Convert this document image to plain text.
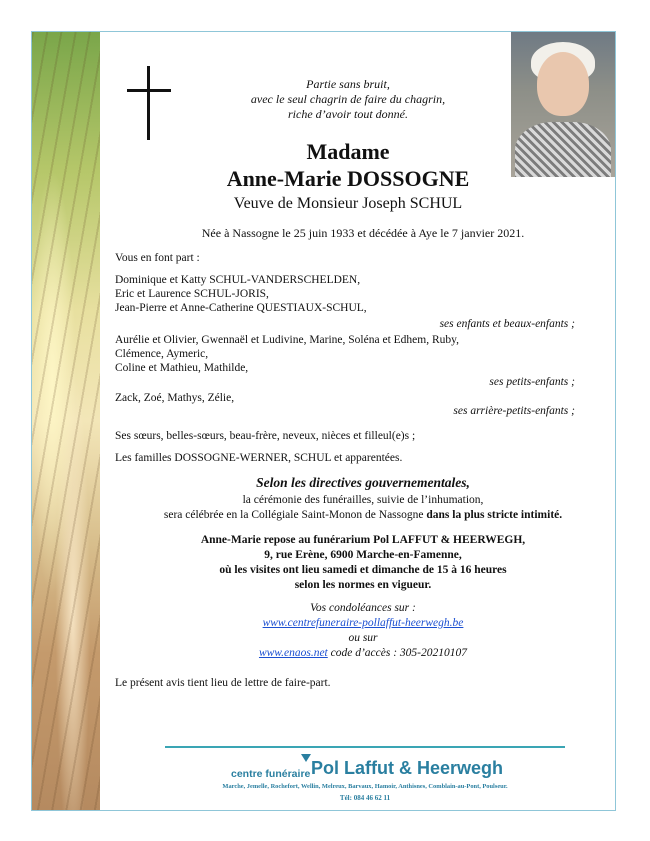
Partie sans bruit,
avec le seul chagrin de faire du chagrin,
riche d’avoir tout donné.
Madame
Anne-Marie DOSSOGNE
Veuve de Monsieur Joseph SCHUL
Née à Nassogne le 25 juin 1933 et décédée à Aye le 7 janvier 2021.
Vous en font part :
Dominique et Katty SCHUL-VANDERSCHELDEN,
Eric et Laurence SCHUL-JORIS,
Jean-Pierre et Anne-Catherine QUESTIAUX-SCHUL,
ses enfants et beaux-enfants ;
Aurélie et Olivier, Gwennaël et Ludivine, Marine, Soléna et Edhem, Ruby,
Clémence, Aymeric,
Coline et Mathieu, Mathilde,
ses petits-enfants ;
Zack, Zoé, Mathys, Zélie,
ses arrière-petits-enfants ;
Ses sœurs, belles-sœurs, beau-frère, neveux, nièces et filleul(e)s ;
Les familles DOSSOGNE-WERNER, SCHUL et apparentées.
Selon les directives gouvernementales,
la cérémonie des funérailles, suivie de l’inhumation,
sera célébrée en la Collégiale Saint-Monon de Nassogne dans la plus stricte intimité.
Anne-Marie repose au funérarium Pol LAFFUT & HEERWEGH,
9, rue Erène, 6900 Marche-en-Famenne,
où les visites ont lieu samedi et dimanche de 15 à 16 heures
selon les normes en vigueur.
Vos condoléances sur :
www.centrefuneraire-pollaffut-heerwegh.be
ou sur
www.enaos.net code d’accès : 305-20210107
Le présent avis tient lieu de lettre de faire-part.
centre funéraire Pol Laffut & Heerwegh
Marche, Jemelle, Rochefort, Wellin, Melreux, Barvaux, Hamoir, Anthisnes, Comblain-au-Pont, Poulseur.
Tél: 084 46 62 11
